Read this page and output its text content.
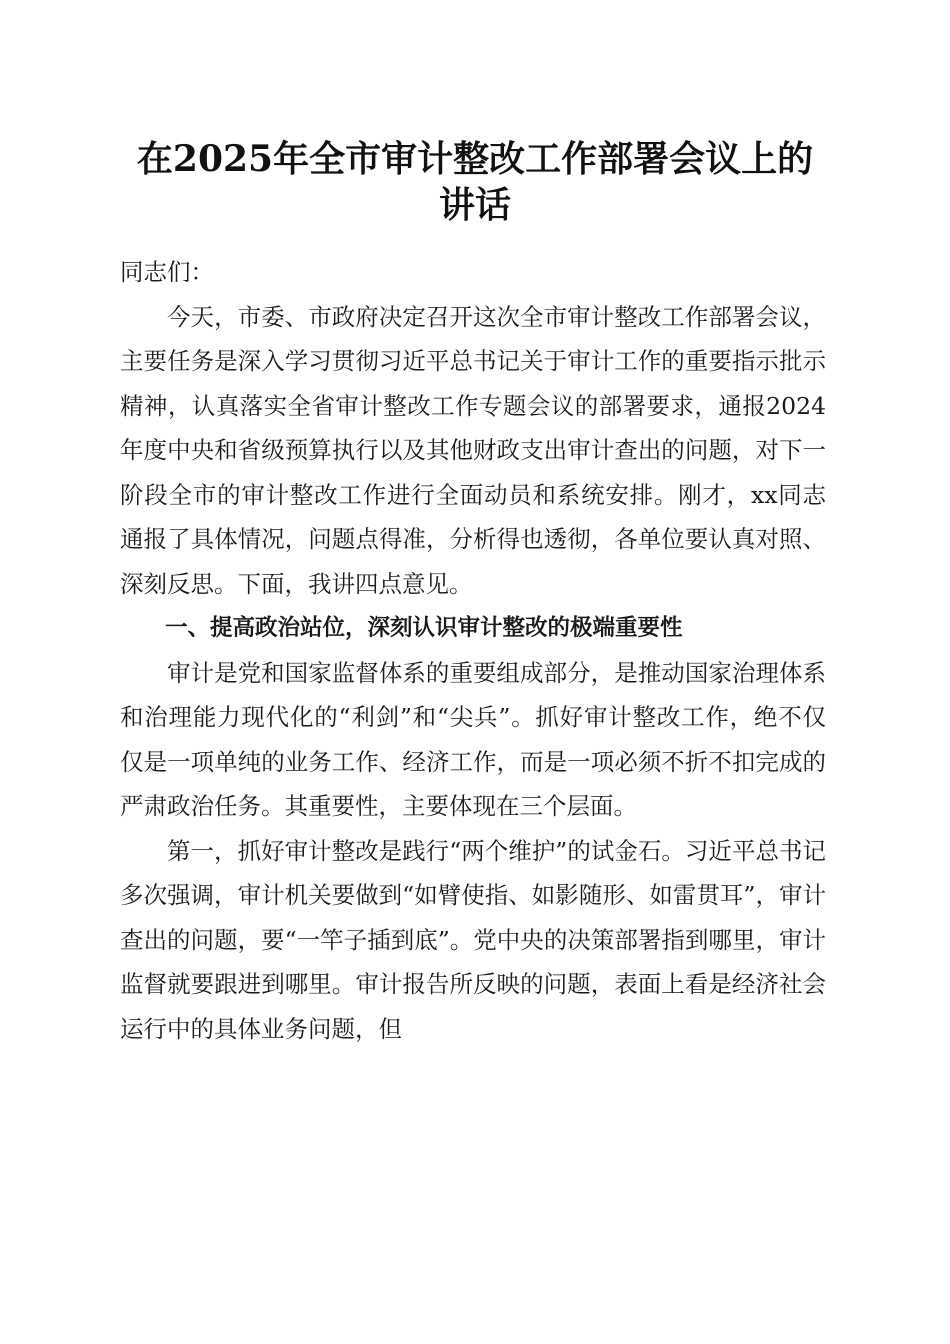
在2025年全市审计整改工作部署会议上的讲话

同志们：

今天，市委、市政府决定召开这次全市审计整改工作部署会议，主要任务是深入学习贯彻习近平总书记关于审计工作的重要指示批示精神，认真落实全省审计整改工作专题会议的部署要求，通报2024年度中央和省级预算执行以及其他财政支出审计查出的问题，对下一阶段全市的审计整改工作进行全面动员和系统安排。刚才，xx同志通报了具体情况，问题点得准，分析得也透彻，各单位要认真对照、深刻反思。下面，我讲四点意见。

一、提高政治站位，深刻认识审计整改的极端重要性

审计是党和国家监督体系的重要组成部分，是推动国家治理体系和治理能力现代化的“利剑”和“尖兵”。抓好审计整改工作，绝不仅仅是一项单纯的业务工作、经济工作，而是一项必须不折不扣完成的严肃政治任务。其重要性，主要体现在三个层面。

第一，抓好审计整改是践行“两个维护”的试金石。习近平总书记多次强调，审计机关要做到“如臂使指、如影随形、如雷贯耳”，审计查出的问题，要“一竿子插到底”。党中央的决策部署指到哪里，审计监督就要跟进到哪里。审计报告所反映的问题，表面上看是经济社会运行中的具体业务问题，但
